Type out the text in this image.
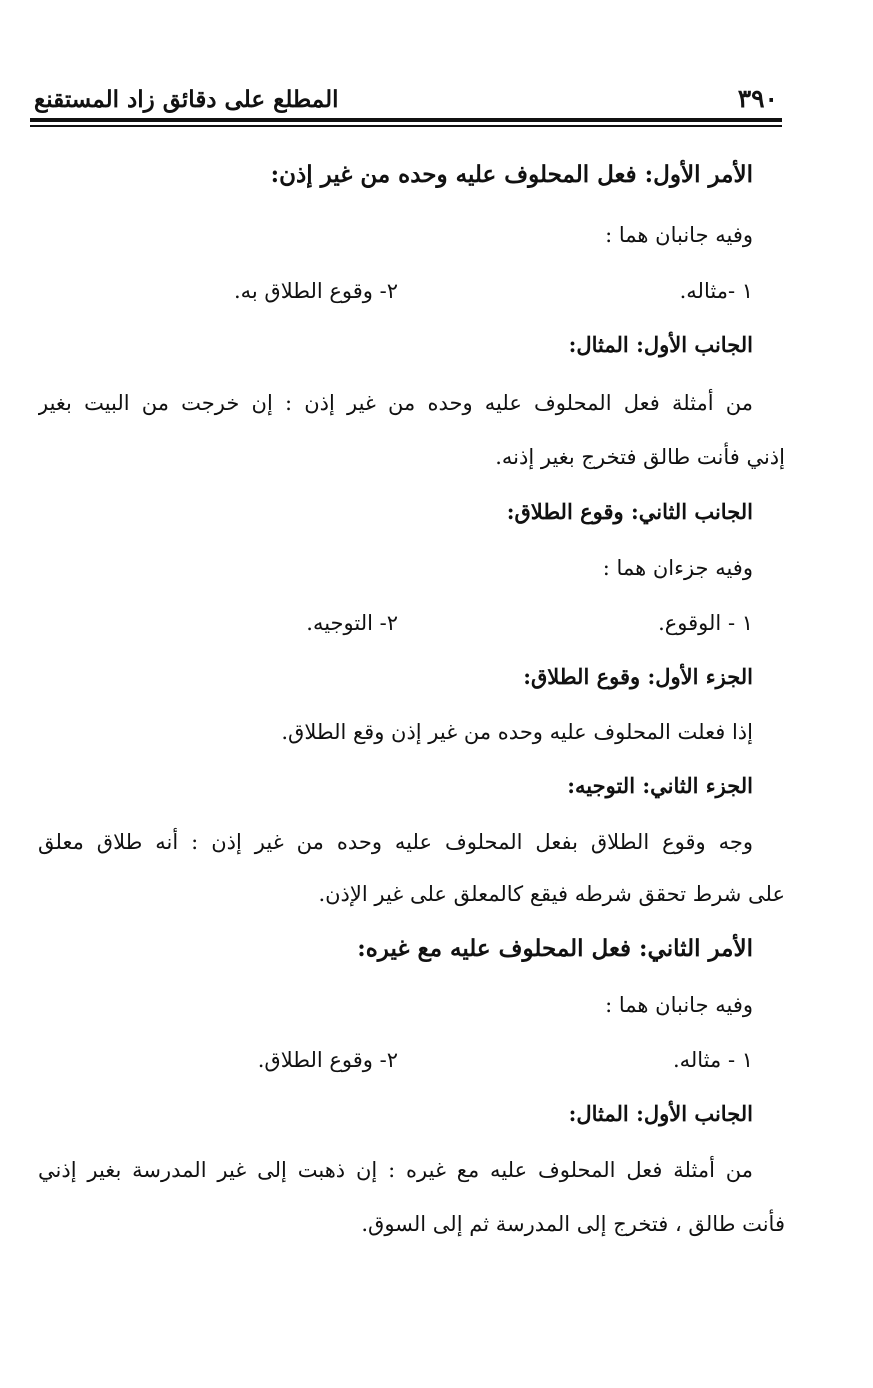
المطلع على دقائق زاد المستقنع	٣٩٠
الأمر الأول: فعل المحلوف عليه وحده من غير إذن:
وفيه جانبان هما :
١ -مثاله.
٢- وقوع الطلاق به.
الجانب الأول: المثال:
من أمثلة فعل المحلوف عليه وحده من غير إذن : إن خرجت من البيت بغير
إذني فأنت طالق فتخرج بغير إذنه.
الجانب الثاني: وقوع الطلاق:
وفيه جزءان هما :
١ - الوقوع.
٢- التوجيه.
الجزء الأول: وقوع الطلاق:
إذا فعلت المحلوف عليه وحده من غير إذن وقع الطلاق.
الجزء الثاني: التوجيه:
وجه وقوع الطلاق بفعل المحلوف عليه وحده من غير إذن : أنه طلاق معلق
على شرط تحقق شرطه فيقع كالمعلق على غير الإذن.
الأمر الثاني: فعل المحلوف عليه مع غيره:
وفيه جانبان هما :
١ - مثاله.
٢- وقوع الطلاق.
الجانب الأول: المثال:
من أمثلة فعل المحلوف عليه مع غيره : إن ذهبت إلى غير المدرسة بغير إذني
فأنت طالق ، فتخرج إلى المدرسة ثم إلى السوق.
